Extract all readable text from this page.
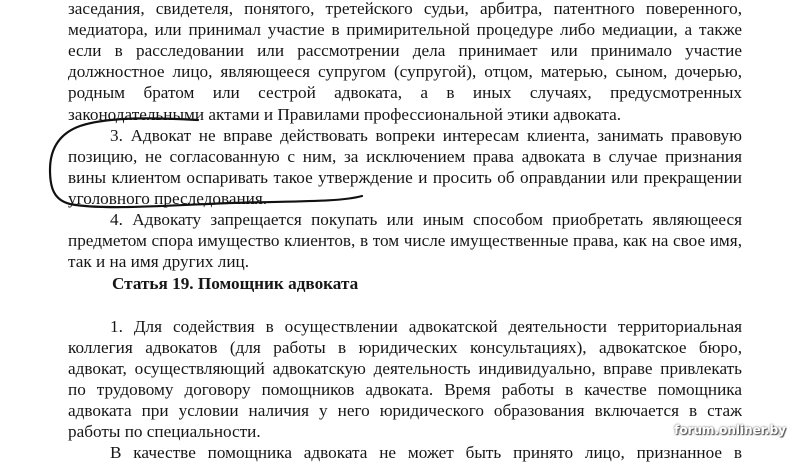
заседания, свидетеля, понятого, третейского судьи, арбитра, патентного поверенного,
медиатора, или принимал участие в примирительной процедуре либо медиации, а также
если в расследовании или рассмотрении дела принимает или принимало участие
должностное лицо, являющееся супругом (супругой), отцом, матерью, сыном, дочерью,
родным братом или сестрой адвоката, а в иных случаях, предусмотренных
законодательными актами и Правилами профессиональной этики адвоката.
3. Адвокат не вправе действовать вопреки интересам клиента, занимать правовую
позицию, не согласованную с ним, за исключением права адвоката в случае признания
вины клиентом оспаривать такое утверждение и просить об оправдании или прекращении
уголовного преследования.
4. Адвокату запрещается покупать или иным способом приобретать являющееся
предметом спора имущество клиентов, в том числе имущественные права, как на свое имя,
так и на имя других лиц.
Статья 19. Помощник адвоката
1. Для содействия в осуществлении адвокатской деятельности территориальная
коллегия адвокатов (для работы в юридических консультациях), адвокатское бюро,
адвокат, осуществляющий адвокатскую деятельность индивидуально, вправе привлекать
по трудовому договору помощников адвоката. Время работы в качестве помощника
адвоката при условии наличия у него юридического образования включается в стаж
работы по специальности.
В качестве помощника адвоката не может быть принято лицо, признанное в
forum.onliner.by
